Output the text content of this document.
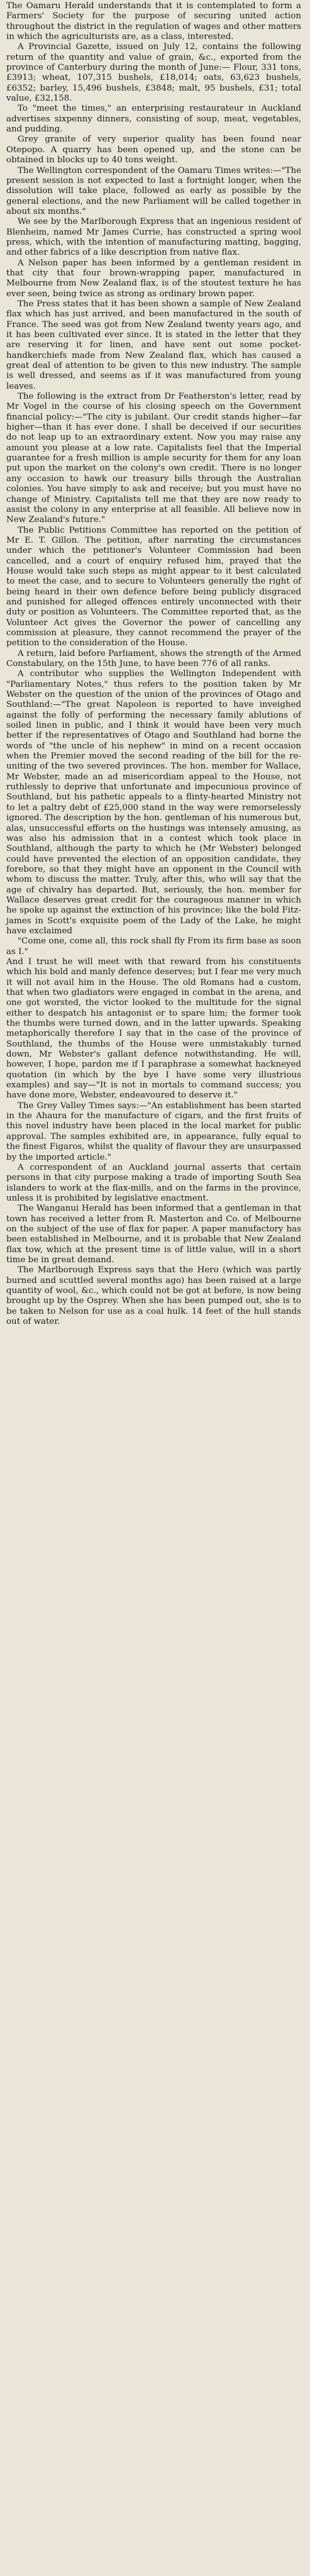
The Oamaru Herald understands that it is contemplated to form a Farmers' Society for the purpose of securing united action throughout the district in the regulation of wages and other matters in which the agriculturists are, as a class, interested.

A Provincial Gazette, issued on July 12, contains the following return of the quantity and value of grain, &c., exported from the province of Canterbury during the month of June:— Flour, 331 tons, £3913; wheat, 107,315 bushels, £18,014; oats, 63,623 bushels, £6352; barley, 15,496 bushels, £3848; malt, 95 bushels, £31; total value, £32,158.

To "meet the times," an enterprising restaurateur in Auckland advertises sixpenny dinners, consisting of soup, meat, vegetables, and pudding.

Grey granite of very superior quality has been found near Otepopo. A quarry has been opened up, and the stone can be obtained in blocks up to 40 tons weight.

The Wellington correspondent of the Oamaru Times writes:—"The present session is not expected to last a fortnight longer, when the dissolution will take place, followed as early as possible by the general elections, and the new Parliament will be called together in about six months."

We see by the Marlborough Express that an ingenious resident of Blenheim, named Mr James Currie, has constructed a spring wool press, which, with the intention of manufacturing matting, bagging, and other fabrics of a like description from native flax.

A Nelson paper has been informed by a gentleman resident in that city that four brown-wrapping paper, manufactured in Melbourne from New Zealand flax, is of the stoutest texture he has ever seen, being twice as strong as ordinary brown paper.

The Press states that it has been shown a sample of New Zealand flax which has just arrived, and been manufactured in the south of France. The seed was got from New Zealand twenty years ago, and it has been cultivated ever since. It is stated in the letter that they are reserving it for linen, and have sent out some pocket-handkerchiefs made from New Zealand flax, which has caused a great deal of attention to be given to this new industry. The sample is well dressed, and seems as if it was manufactured from young leaves.

The following is the extract from Dr Featherston's letter, read by Mr Vogel in the course of his closing speech on the Government financial policy:—"The city is jubilant. Our credit stands higher—far higher—than it has ever done. I shall be deceived if our securities do not leap up to an extraordinary extent. Now you may raise any amount you please at a low rate. Capitalists feel that the Imperial guarantee for a fresh million is ample security for them for any loan put upon the market on the colony's own credit. There is no longer any occasion to hawk our treasury bills through the Australian colonies. You have simply to ask and receive; but you must have no change of Ministry. Capitalists tell me that they are now ready to assist the colony in any enterprise at all feasible. All believe now in New Zealand's future."

The Public Petitions Committee has reported on the petition of Mr E. T. Gillon. The petition, after narrating the circumstances under which the petitioner's Volunteer Commission had been cancelled, and a court of enquiry refused him, prayed that the House would take such steps as might appear to it best calculated to meet the case, and to secure to Volunteers generally the right of being heard in their own defence before being publicly disgraced and punished for alleged offences entirely unconnected with their duty or position as Volunteers. The Committee reported that, as the Volunteer Act gives the Governor the power of cancelling any commission at pleasure, they cannot recommend the prayer of the petition to the consideration of the House.

A return, laid before Parliament, shows the strength of the Armed Constabulary, on the 15th June, to have been 776 of all ranks.

A contributor who supplies the Wellington Independent with "Parliamentary Notes," thus refers to the position taken by Mr Webster on the question of the union of the provinces of Otago and Southland:—"The great Napoleon is reported to have inveighed against the folly of performing the necessary family ablutions of soiled linen in public, and I think it would have been very much better if the representatives of Otago and Southland had borne the words of "the uncle of his nephew" in mind on a recent occasion when the Premier moved the second reading of the bill for the re-uniting of the two severed provinces. The hon. member for Wallace, Mr Webster, made an ad misericordiam appeal to the House, not ruthlessly to deprive that unfortunate and impecunious province of Southland, but his pathetic appeals to a flinty-hearted Ministry not to let a paltry debt of £25,000 stand in the way were remorselessly ignored. The description by the hon. gentleman of his numerous but, alas, unsuccessful efforts on the hustings was intensely amusing, as was also his admission that in a contest which took place in Southland, although the party to which he (Mr Webster) belonged could have prevented the election of an opposition candidate, they forebore, so that they might have an opponent in the Council with whom to discuss the matter. Truly, after this, who will say that the age of chivalry has departed. But, seriously, the hon. member for Wallace deserves great credit for the courageous manner in which he spoke up against the extinction of his province; like the bold Fitz-james in Scott's exquisite poem of the Lady of the Lake, he might have exclaimed

"Come one, come all, this rock shall fly From its firm base as soon as I."

And I trust he will meet with that reward from his constituents which his bold and manly defence deserves; but I fear me very much it will not avail him in the House. The old Romans had a custom, that when two gladiators were engaged in combat in the arena, and one got worsted, the victor looked to the multitude for the signal either to despatch his antagonist or to spare him; the former took the thumbs were turned down, and in the latter upwards. Speaking metaphorically therefore I say that in the case of the province of Southland, the thumbs of the House were unmistakably turned down, Mr Webster's gallant defence notwithstanding. He will, however, I hope, pardon me if I paraphrase a somewhat hackneyed quotation (in which by the bye I have some very illustrious examples) and say—"It is not in mortals to command success; you have done more, Webster, endeavoured to deserve it."

The Grey Valley Times says:—"An establishment has been started in the Ahaura for the manufacture of cigars, and the first fruits of this novel industry have been placed in the local market for public approval. The samples exhibited are, in appearance, fully equal to the finest Figaros, whilst the quality of flavour they are unsurpassed by the imported article."

A correspondent of an Auckland journal asserts that certain persons in that city purpose making a trade of importing South Sea islanders to work at the flax-mills, and on the farms in the province, unless it is prohibited by legislative enactment.

The Wanganui Herald has been informed that a gentleman in that town has received a letter from R. Masterton and Co. of Melbourne on the subject of the use of flax for paper. A paper manufactory has been established in Melbourne, and it is probable that New Zealand flax tow, which at the present time is of little value, will in a short time be in great demand.

The Marlborough Express says that the Hero (which was partly burned and scuttled several months ago) has been raised at a large quantity of wool, &c., which could not be got at before, is now being brought up by the Osprey. When she has been pumped out, she is to be taken to Nelson for use as a coal hulk. 14 feet of the hull stands out of water.
